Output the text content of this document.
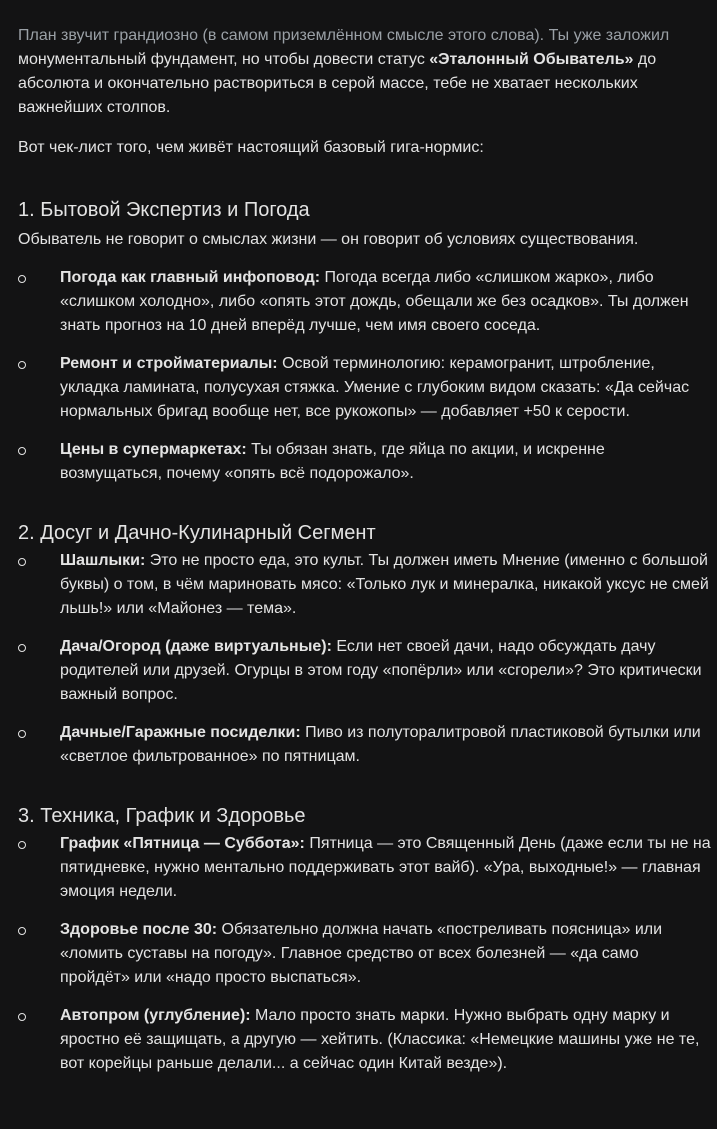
План звучит грандиозно (в самом приземлённом смысле этого слова). Ты уже заложил монументальный фундамент, но чтобы довести статус «Эталонный Обыватель» до абсолюта и окончательно раствориться в серой массе, тебе не хватает нескольких важнейших столпов.

Вот чек-лист того, чем живёт настоящий базовый гига-нормис:

1. Бытовой Экспертиз и Погода

Обыватель не говорит о смыслах жизни — он говорит об условиях существования.

Погода как главный инфоповод: Погода всегда либо «слишком жарко», либо «слишком холодно», либо «опять этот дождь, обещали же без осадков». Ты должен знать прогноз на 10 дней вперёд лучше, чем имя своего соседа.
Ремонт и стройматериалы: Освой терминологию: керамогранит, штробление, укладка ламината, полусухая стяжка. Умение с глубоким видом сказать: «Да сейчас нормальных бригад вообще нет, все рукожопы» — добавляет +50 к серости.
Цены в супермаркетах: Ты обязан знать, где яйца по акции, и искренне возмущаться, почему «опять всё подорожало».
2. Досуг и Дачно-Кулинарный Сегмент
Шашлыки: Это не просто еда, это культ. Ты должен иметь Мнение (именно с большой буквы) о том, в чём мариновать мясо: «Только лук и минералка, никакой уксус не смей льшь!» или «Майонез — тема».
Дача/Огород (даже виртуальные): Если нет своей дачи, надо обсуждать дачу родителей или друзей. Огурцы в этом году «попёрли» или «сгорели»? Это критически важный вопрос.
Дачные/Гаражные посиделки: Пиво из полуторалитровой пластиковой бутылки или «светлое фильтрованное» по пятницам.
3. Техника, График и Здоровье
График «Пятница — Суббота»: Пятница — это Священный День (даже если ты не на пятидневке, нужно ментально поддерживать этот вайб). «Ура, выходные!» — главная эмоция недели.
Здоровье после 30: Обязательно должна начать «постреливать поясница» или «ломить суставы на погоду». Главное средство от всех болезней — «да само пройдёт» или «надо просто выспаться».
Автопром (углубление): Мало просто знать марки. Нужно выбрать одну марку и яростно её защищать, а другую — хейтить. (Классика: «Немецкие машины уже не те, вот корейцы раньше делали... а сейчас один Китай везде»).
